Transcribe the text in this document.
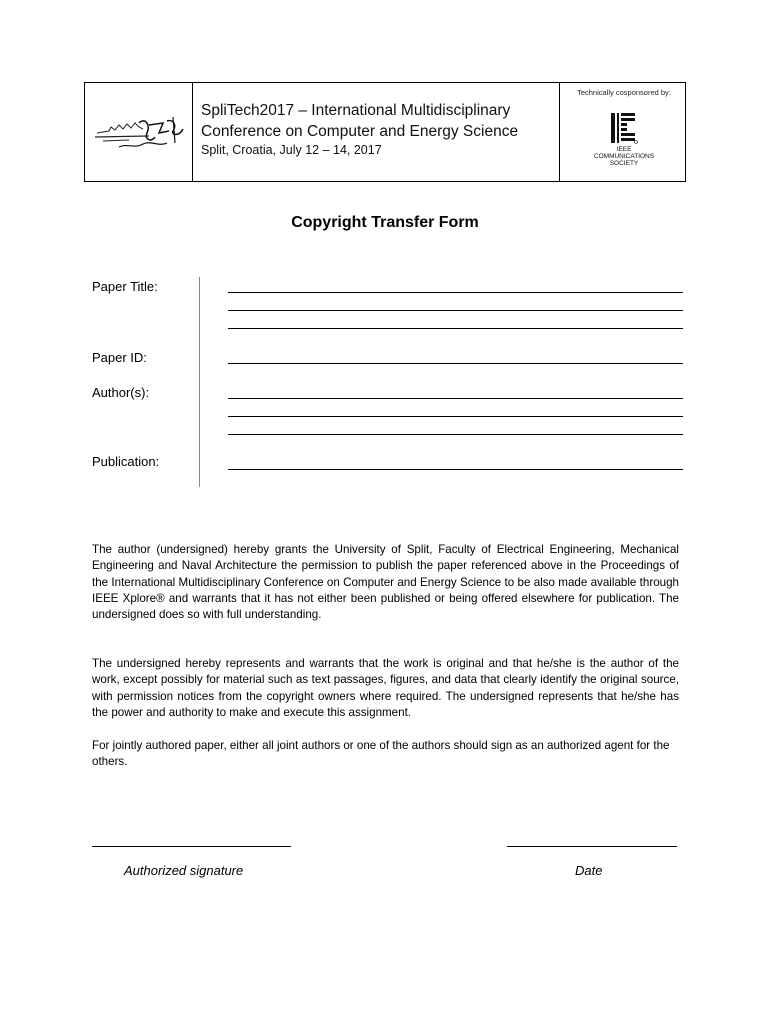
SpliTech2017 – International Multidisciplinary Conference on Computer and Energy Science
Split, Croatia, July 12 – 14, 2017
Technically cosponsored by:
IEEE
COMMUNICATIONS
SOCIETY
Copyright Transfer Form
Paper Title:
Paper ID:
Author(s):
Publication:

The author (undersigned) hereby grants the University of Split, Faculty of Electrical Engineering, Mechanical Engineering and Naval Architecture the permission to publish the paper referenced above in the Proceedings of the International Multidisciplinary Conference on Computer and Energy Science to be also made available through IEEE Xplore® and warrants that it has not either been published or being offered elsewhere for publication. The undersigned does so with full understanding.

The undersigned hereby represents and warrants that the work is original and that he/she is the author of the work, except possibly for material such as text passages, figures, and data that clearly identify the original source, with permission notices from the copyright owners where required. The undersigned represents that he/she has the power and authority to make and execute this assignment.

For jointly authored paper, either all joint authors or one of the authors should sign as an authorized agent for the others.

Authorized signature	Date
